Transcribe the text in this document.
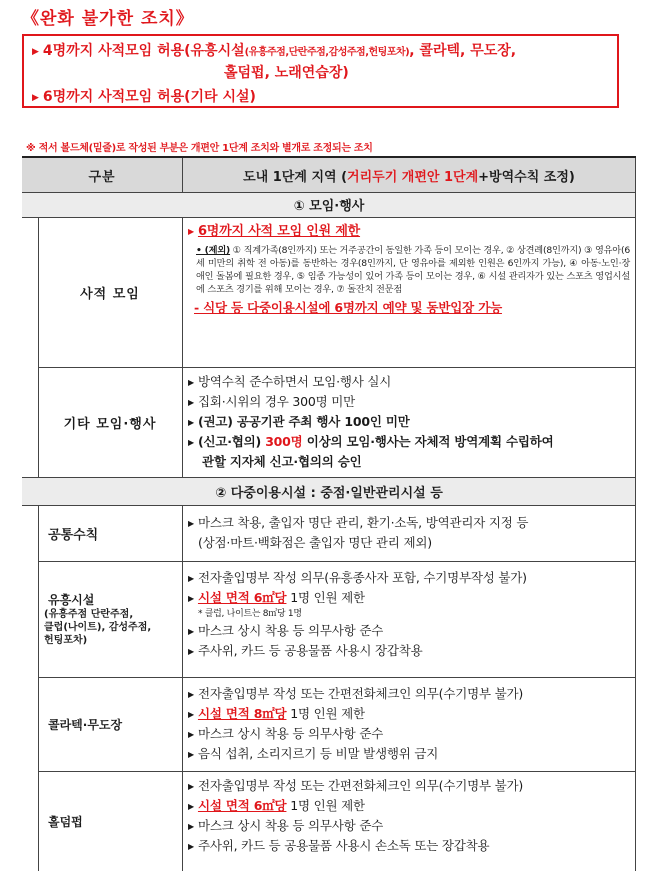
《완화 불가한 조치》
▶ 4명까지 사적모임 허용(유흥시설(유흥주점,단란주점,감성주점,헌팅포차), 콜라텍, 무도장,
홀덤펍, 노래연습장)
▶ 6명까지 사적모임 허용(기타 시설)
※ 적서 볼드체(밑줄)로 작성된 부분은 개편안 1단계 조치와 별개로 조정되는 조치
구분	도내 1단계 지역 ( 거리두기 개편안 1단계 +방역수칙 조정)
① 모임·행사
사적 모임
▶ 6명까지 사적 모임 인원 제한
• (제외) ① 직계가족(8인까지) 또는 거주공간이 동일한 가족 등이 모이는 경우, ② 상견례(8인까지) ③ 영유아(6세 미만의 취학 전 아동)를 동반하는 경우(8인까지, 단 영유아를 제외한 인원은 6인까지 가능), ④ 아동·노인·장애인 돌봄에 필요한 경우, ⑤ 임종 가능성이 있어 가족 등이 모이는 경우, ⑥ 시설 관리자가 있는 스포츠 영업시설에 스포츠 경기를 위해 모이는 경우, ⑦ 돌잔치 전문점
- 식당 등 다중이용시설에 6명까지 예약 및 동반입장 가능
기타 모임·행사
▶ 방역수칙 준수하면서 모임·행사 실시
▶ 집회·시위의 경우 300명 미만
▶ (권고) 공공기관 주최 행사 100인 미만
▶ (신고·협의) 300명 이상의 모임·행사는 자체적 방역계획 수립하여
관할 지자체 신고·협의의 승인
② 다중이용시설 : 중점·일반관리시설 등
공통수칙
▶ 마스크 착용, 출입자 명단 관리, 환기·소독, 방역관리자 지정 등
(상점·마트·백화점은 출입자 명단 관리 제외)
유흥시설
(유흥주점 단란주점,
클럽(나이트), 감성주점,
헌팅포차)
▶ 전자출입명부 작성 의무(유흥종사자 포함, 수기명부작성 불가)
▶ 시설 면적 6㎡당 1명 인원 제한
* 클럽, 나이트는 8㎡당 1명
▶ 마스크 상시 착용 등 의무사항 준수
▶ 주사위, 카드 등 공용물품 사용시 장갑착용
콜라텍·무도장
▶ 전자출입명부 작성 또는 간편전화체크인 의무(수기명부 불가)
▶ 시설 면적 8㎡당 1명 인원 제한
▶ 마스크 상시 착용 등 의무사항 준수
▶ 음식 섭취, 소리지르기 등 비말 발생행위 금지
홀덤펍
▶ 전자출입명부 작성 또는 간편전화체크인 의무(수기명부 불가)
▶ 시설 면적 6㎡당 1명 인원 제한
▶ 마스크 상시 착용 등 의무사항 준수
▶ 주사위, 카드 등 공용물품 사용시 손소독 또는 장갑착용
